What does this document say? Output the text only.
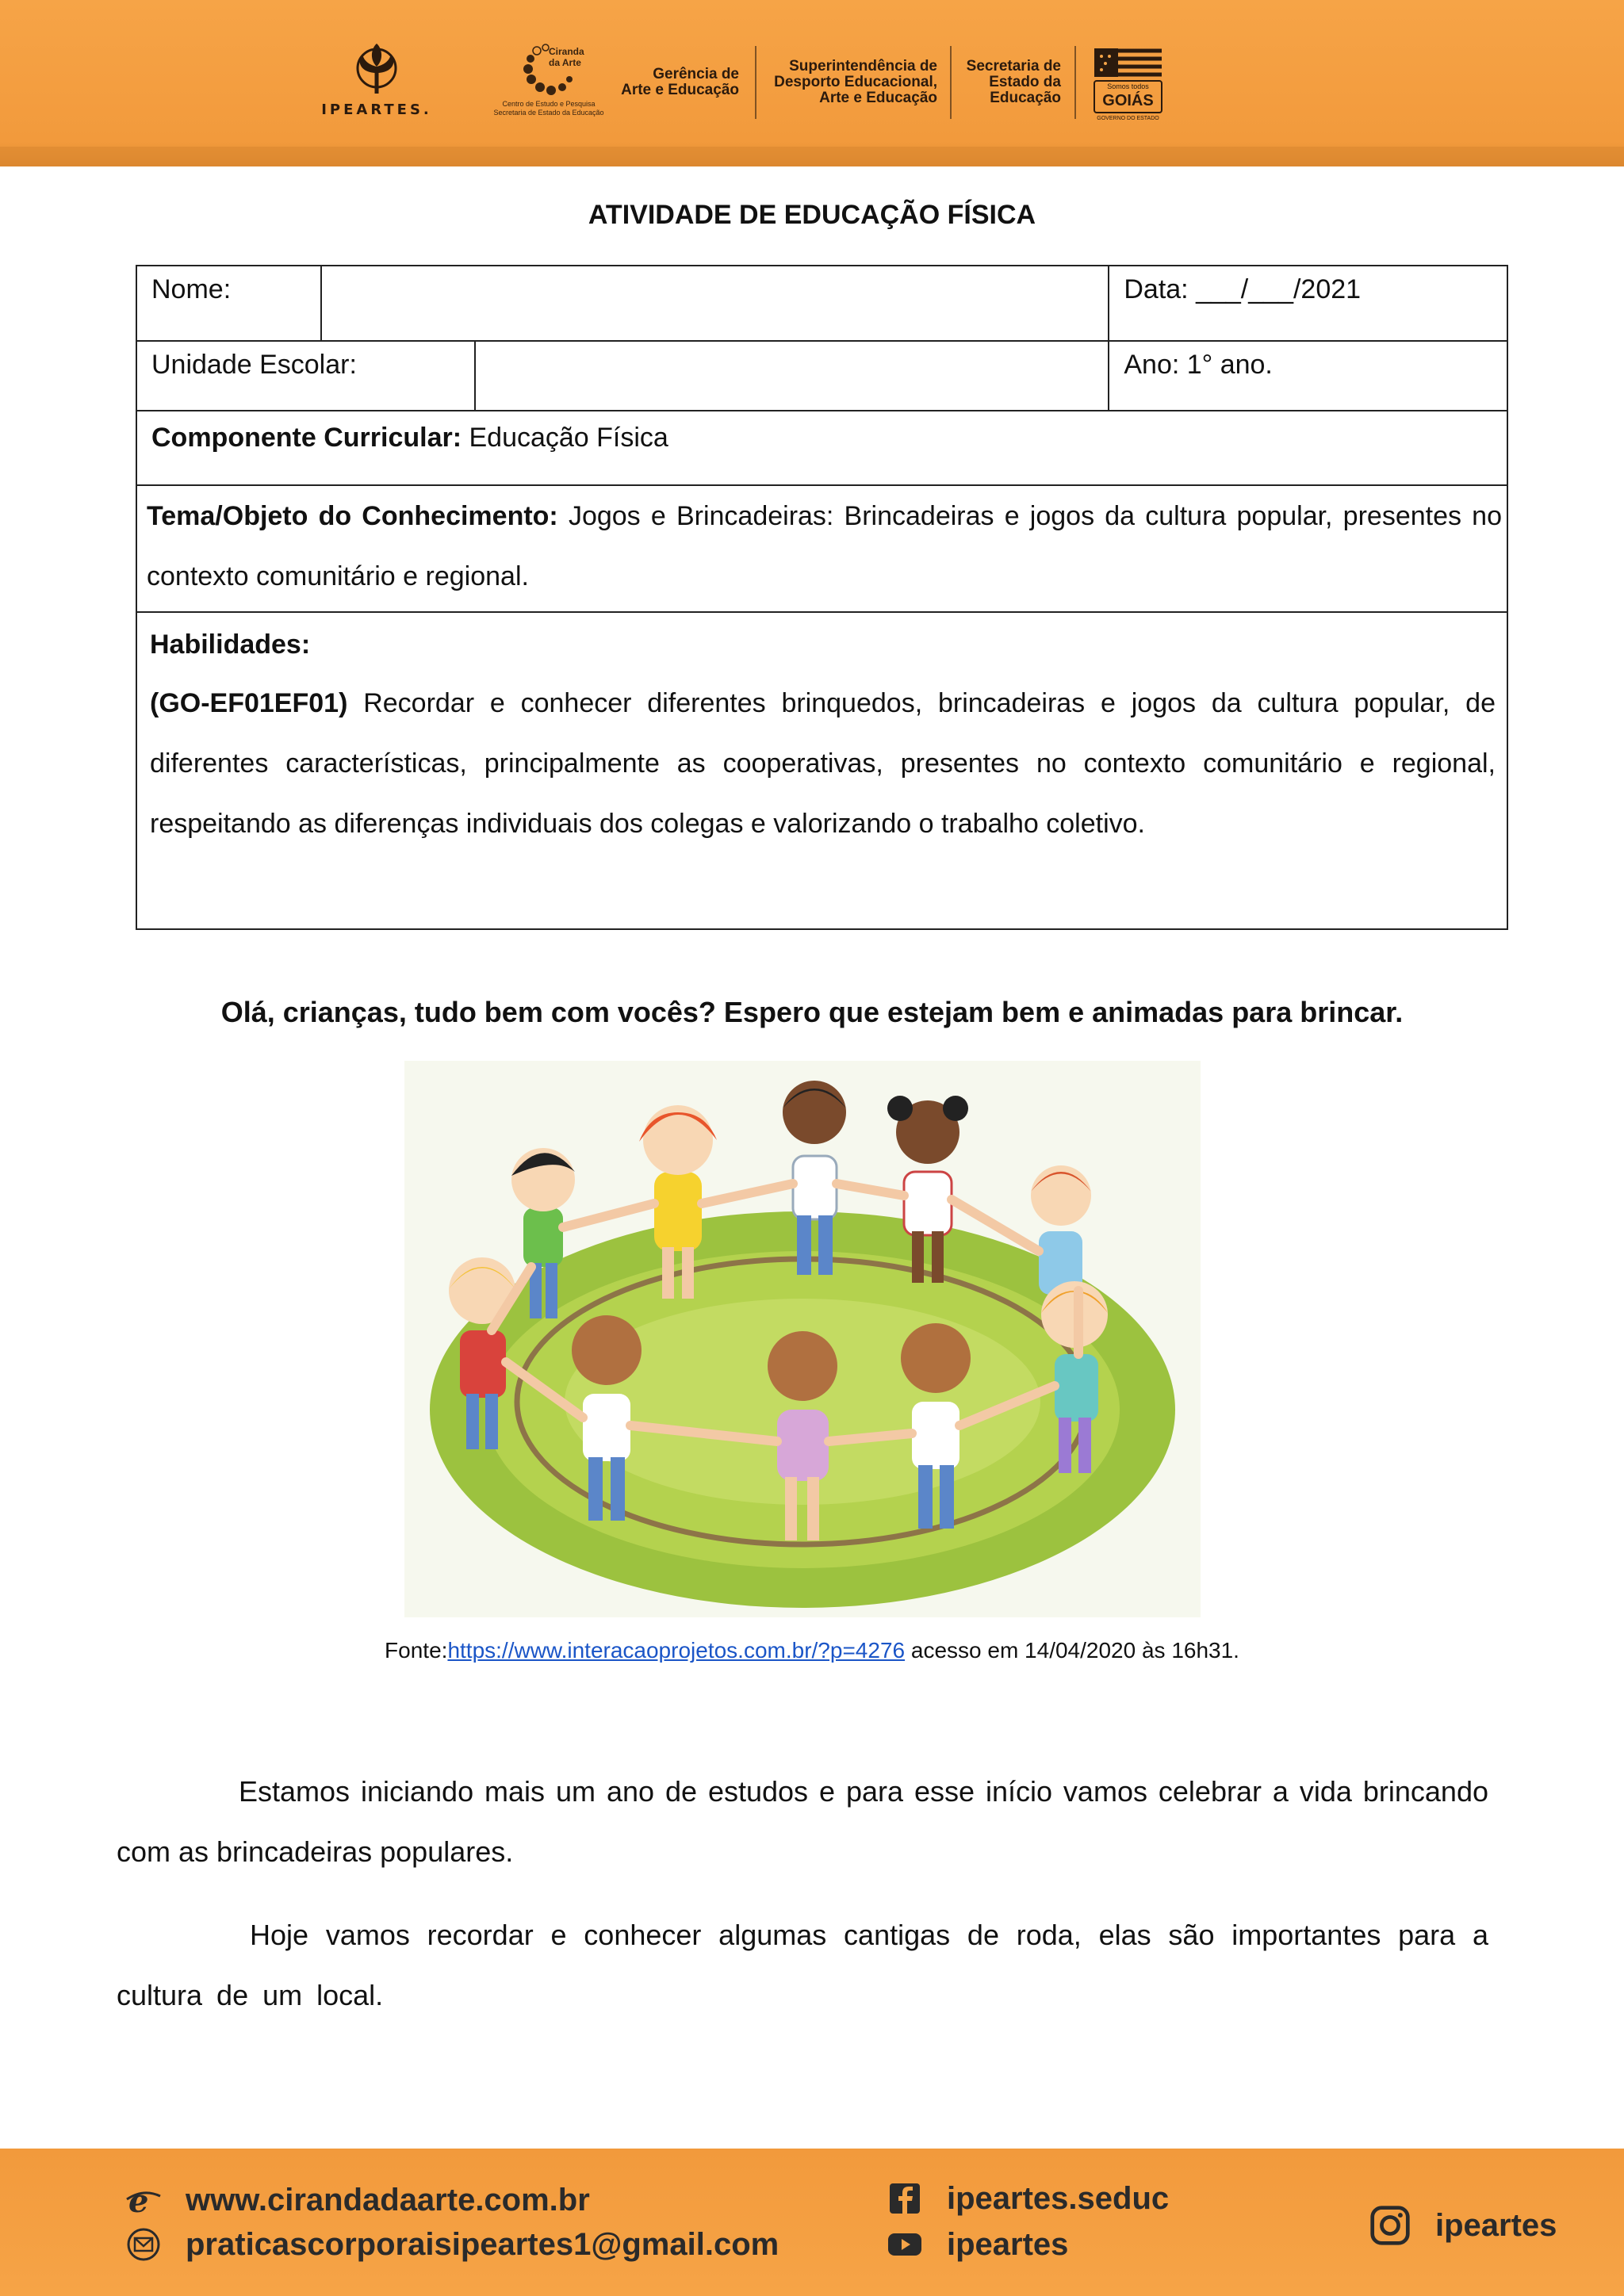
IPEARTES.
Ciranda
da Arte
Centro de Estudo e Pesquisa
Secretaria de Estado da Educação
Gerência de
Arte e Educação
Superintendência de
Desporto Educacional,
Arte e Educação
Secretaria de
Estado da
Educação
Somos todos
GOIÁS
GOVERNO DO ESTADO
ATIVIDADE DE EDUCAÇÃO FÍSICA
Nome:			Data: ___/___/2021

Unidade Escolar:			Ano: 1° ano.

Componente Curricular: Educação Física			

Tema/Objeto do Conhecimento: Jogos e Brincadeiras: Brincadeiras e jogos da cultura popular, presentes no contexto comunitário e regional.			

Habilidades:
(GO-EF01EF01) Recordar e conhecer diferentes brinquedos, brincadeiras e jogos da cultura popular, de diferentes características, principalmente as cooperativas, presentes no contexto comunitário e regional, respeitando as diferenças individuais dos colegas e valorizando o trabalho coletivo.			
Olá, crianças, tudo bem com vocês? Espero que estejam bem e animadas para brincar.
Fonte:https://www.interacaoprojetos.com.br/?p=4276 acesso em 14/04/2020 às 16h31.
Estamos iniciando mais um ano de estudos e para esse início vamos celebrar a vida brincando com as brincadeiras populares.
Hoje vamos recordar e conhecer algumas cantigas de roda, elas são importantes para a cultura de um local.
e www.cirandadaarte.com.br
praticascorporaisipeartes1@gmail.com
ipeartes.seduc
ipeartes
ipeartes
